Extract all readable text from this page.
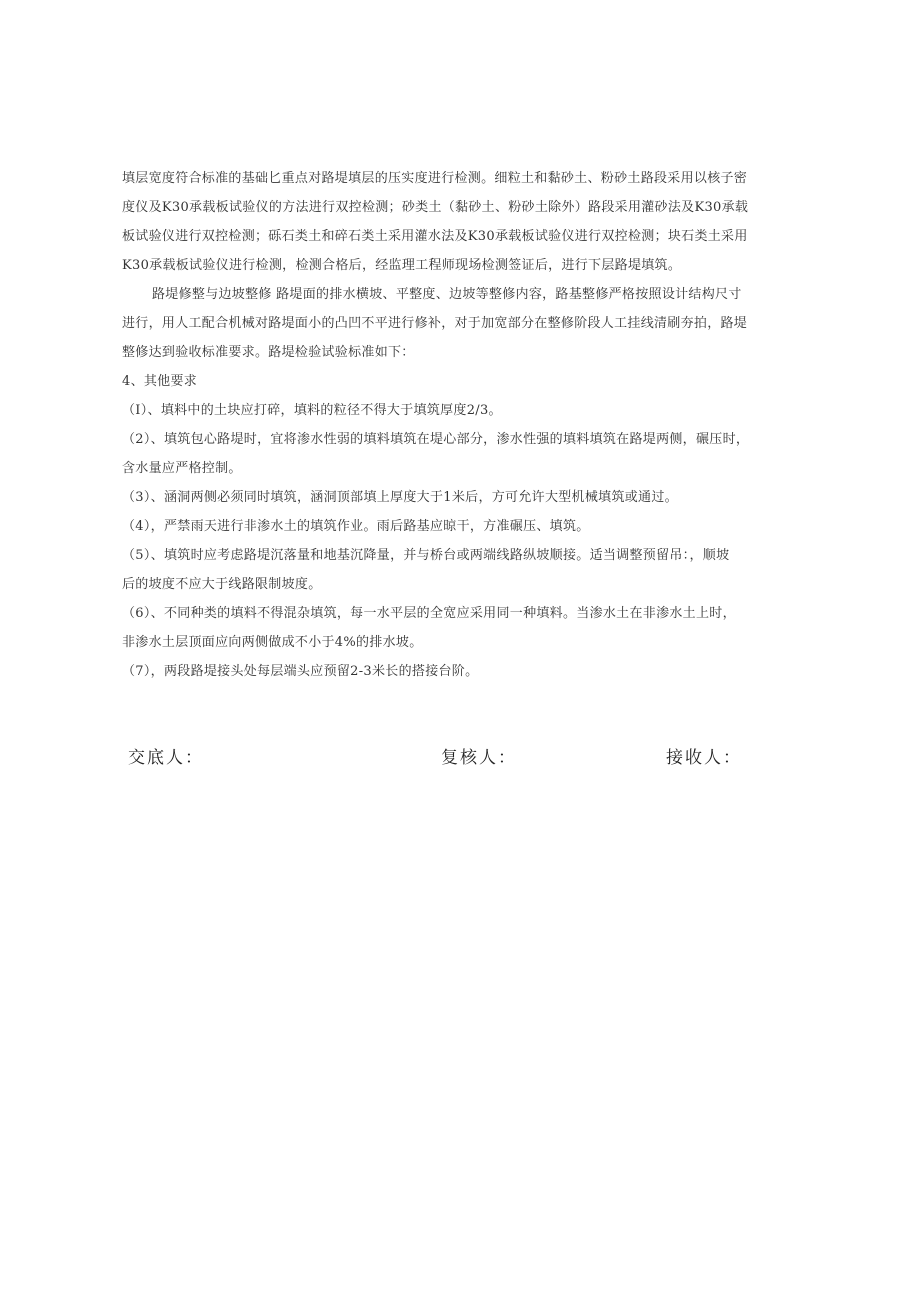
填层宽度符合标准的基础匕重点对路堤填层的压实度进行检测。细粒土和黏砂土、粉砂土路段采用以核子密
度仪及K30承载板试验仪的方法进行双控检测；砂类土（黏砂土、粉砂土除外）路段采用灌砂法及K30承载
板试验仪进行双控检测；砾石类土和碎石类土采用灌水法及K30承载板试验仪进行双控检测；块石类土采用
K30承载板试验仪进行检测，检测合格后，经监理工程师现场检测签证后，进行下层路堤填筑。
路堤修整与边坡整修 路堤面的排水横坡、平整度、边坡等整修内容，路基整修严格按照设计结构尺寸
进行，用人工配合机械对路堤面小的凸凹不平进行修补，对于加宽部分在整修阶段人工挂线清刷夯拍，路堤
整修达到验收标准要求。路堤检验试验标准如下：
4、其他要求
（I）、填料中的土块应打碎，填料的粒径不得大于填筑厚度2/3。
（2）、填筑包心路堤时，宜将渗水性弱的填料填筑在堤心部分，渗水性强的填料填筑在路堤两侧，碾压时，
含水量应严格控制。
（3）、涵洞两侧必须同时填筑，涵洞顶部填上厚度大于1米后，方可允许大型机械填筑或通过。
（4），严禁雨天进行非渗水土的填筑作业。雨后路基应晾干，方准碾压、填筑。
（5）、填筑时应考虑路堤沉落量和地基沉降量，并与桥台或两端线路纵坡顺接。适当调整预留吊：，顺坡
后的坡度不应大于线路限制坡度。
（6）、不同种类的填料不得混杂填筑，每一水平层的全宽应采用同一种填料。当渗水土在非渗水土上时，
非渗水土层顶面应向两侧做成不小于4%的排水坡。
（7），两段路堤接头处每层端头应预留2-3米长的搭接台阶。
交底人：	复核人：	接收人：
